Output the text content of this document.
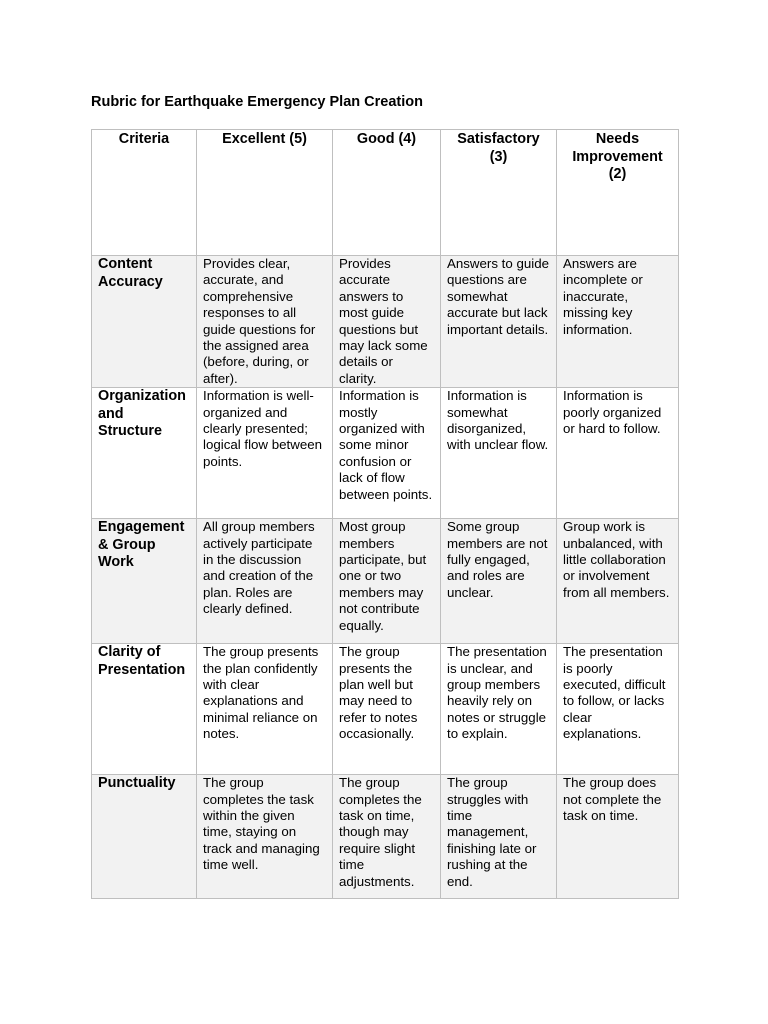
Rubric for Earthquake Emergency Plan Creation
Criteria	Excellent (5)	Good (4)	Satisfactory (3)	Needs Improvement (2)
Content Accuracy	Provides clear, accurate, and comprehensive responses to all guide questions for the assigned area (before, during, or after).	Provides accurate answers to most guide questions but may lack some details or clarity.	Answers to guide questions are somewhat accurate but lack important details.	Answers are incomplete or inaccurate, missing key information.
Organization and Structure	Information is well-organized and clearly presented; logical flow between points.	Information is mostly organized with some minor confusion or lack of flow between points.	Information is somewhat disorganized, with unclear flow.	Information is poorly organized or hard to follow.
Engagement & Group Work	All group members actively participate in the discussion and creation of the plan. Roles are clearly defined.	Most group members participate, but one or two members may not contribute equally.	Some group members are not fully engaged, and roles are unclear.	Group work is unbalanced, with little collaboration or involvement from all members.
Clarity of Presentation	The group presents the plan confidently with clear explanations and minimal reliance on notes.	The group presents the plan well but may need to refer to notes occasionally.	The presentation is unclear, and group members heavily rely on notes or struggle to explain.	The presentation is poorly executed, difficult to follow, or lacks clear explanations.
Punctuality	The group completes the task within the given time, staying on track and managing time well.	The group completes the task on time, though may require slight time adjustments.	The group struggles with time management, finishing late or rushing at the end.	The group does not complete the task on time.
